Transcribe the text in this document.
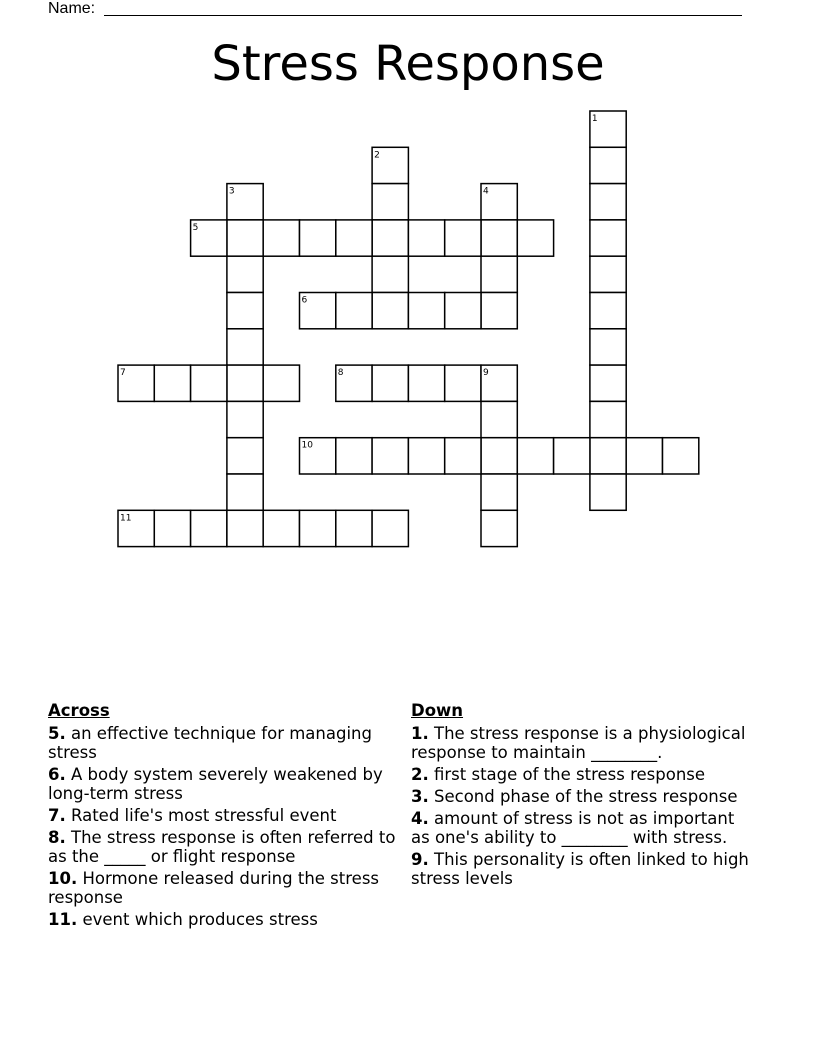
Name:
Stress Response
1
2
3	4
5
6
7	8	9
10
11
Across
5. an effective technique for managing stress
6. A body system severely weakened by long-term stress
7. Rated life's most stressful event
8. The stress response is often referred to as the _____ or flight response
10. Hormone released during the stress response
11. event which produces stress
Down
1. The stress response is a physiological response to maintain ________.
2. first stage of the stress response
3. Second phase of the stress response
4. amount of stress is not as important as one's ability to ________ with stress.
9. This personality is often linked to high stress levels
